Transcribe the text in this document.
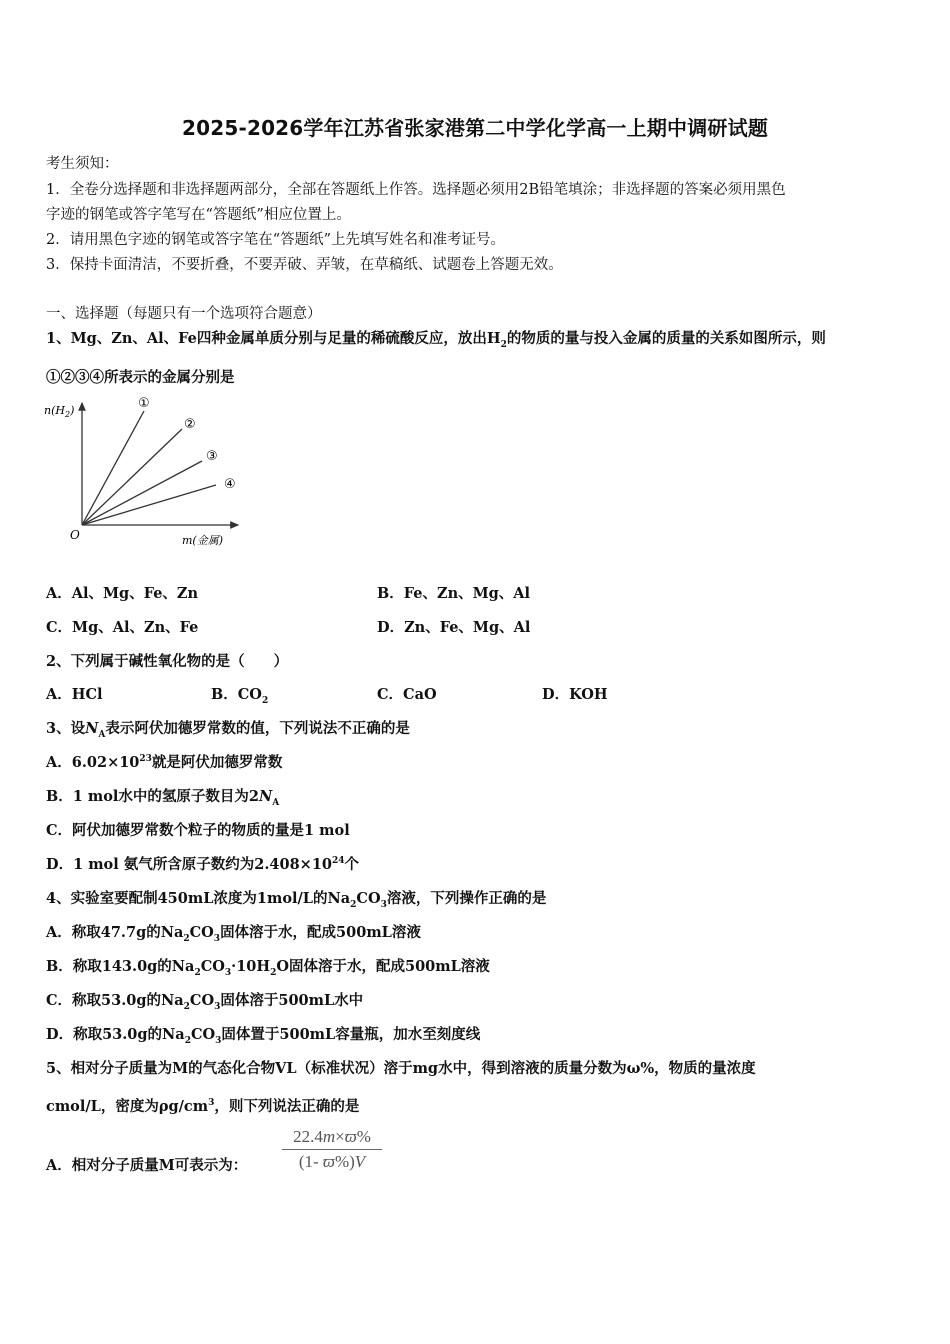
2025-2026学年江苏省张家港第二中学化学高一上期中调研试题
考生须知：
1．全卷分选择题和非选择题两部分，全部在答题纸上作答。选择题必须用2B铅笔填涂；非选择题的答案必须用黑色
字迹的钢笔或答字笔写在“答题纸”相应位置上。
2．请用黑色字迹的钢笔或答字笔在“答题纸”上先填写姓名和准考证号。
3．保持卡面清洁，不要折叠，不要弄破、弄皱，在草稿纸、试题卷上答题无效。
一、选择题（每题只有一个选项符合题意）
1、Mg、Zn、Al、Fe四种金属单质分别与足量的稀硫酸反应，放出$H_2$的物质的量与投入金属的质量的关系如图所示，则
①②③④所表示的金属分别是
$n(H_2)$
m(金属)
O
①
②
③
④
A．Al、Mg、Fe、Zn	B．Fe、Zn、Mg、Al
C．Mg、Al、Zn、Fe	D．Zn、Fe、Mg、Al
2、下列属于碱性氧化物的是（　　）
A．HCl	B．$CO_2$	C．CaO	D．KOH
3、设$N_A$表示阿伏加德罗常数的值，下列说法不正确的是
A．$6.02\times 10^{23}$就是阿伏加德罗常数
B．1 mol水中的氢原子数目为$2N_A$
C．阿伏加德罗常数个粒子的物质的量是1 mol
D．1 mol 氨气所含原子数约为$2.408\times 10^{24}$个
4、实验室要配制450mL浓度为1mol/L的$Na_2CO_3$溶液，下列操作正确的是
A．称取47.7g的$Na_2CO_3$固体溶于水，配成500mL溶液
B．称取143.0g的$Na_2CO_3\cdot 10H_2O$固体溶于水，配成500mL溶液
C．称取53.0g的$Na_2CO_3$固体溶于500mL水中
D．称取53.0g的$Na_2CO_3$固体置于500mL容量瓶，加水至刻度线
5、相对分子质量为M的气态化合物VL（标准状况）溶于mg水中，得到溶液的质量分数为ω%，物质的量浓度
cmol/L，密度为$\rho g/cm^3$，则下列说法正确的是
A．相对分子质量M可表示为： $\frac{22.4m\times ϖ\%}{(1- ϖ\%)V}$
